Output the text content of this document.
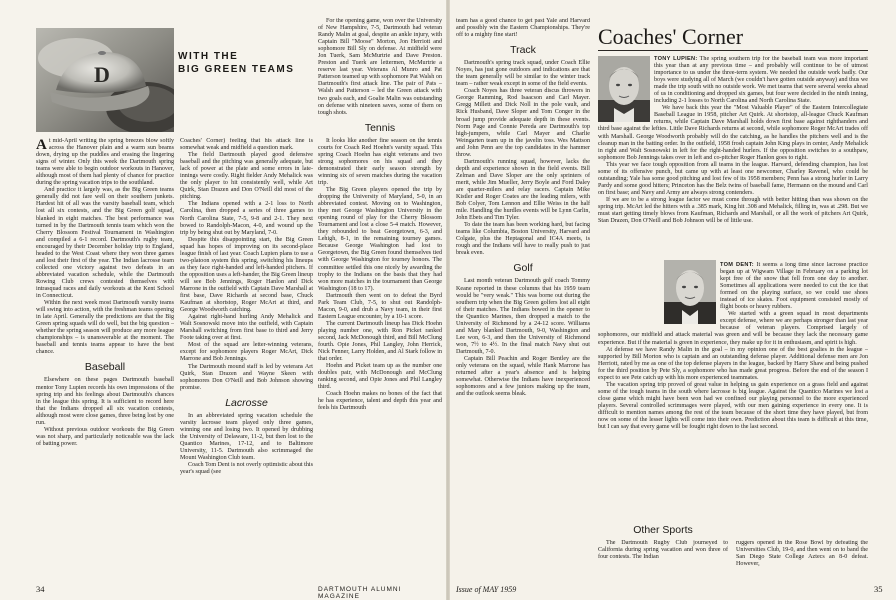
D
WITH THE
BIG GREEN TEAMS

At mid-April writing the spring breezes blow softly across the Hanover plain and a warm sun beams down, drying up the puddles and erasing the lingering signs of winter. Only this week the Dartmouth spring teams were able to begin outdoor workouts in Hanover, although most of them had plenty of chance for practice during the spring vacation trips to the southland.

And practice it largely was, as the Big Green teams generally did not fare well on their southern junkets. Hardest hit of all was the varsity baseball team, which lost all six contests, and the Big Green golf squad, blanked in eight matches. The best performance was turned in by the Dartmouth tennis team which won the Cherry Blossom Festival Tournament in Washington and compiled a 6-1 record. Dartmouth's rugby team, encouraged by their December holiday trip to England, headed to the West Coast where they won three games and lost their first of the year. The Indian lacrosse team collected one victory against two defeats in an abbreviated vacation schedule, while the Dartmouth Rowing Club crews contested themselves with intrasquad races and daily workouts at the Kent School in Connecticut.

Within the next week most Dartmouth varsity teams will swing into action, with the freshman teams opening in late April. Generally the predictions are that the Big Green spring squads will do well, but the big question – whether the spring season will produce any more league championships – is unanswerable at the moment. The baseball and tennis teams appear to have the best chance.

Baseball

Elsewhere on these pages Dartmouth baseball mentor Tony Lupien records his own impressions of the spring trip and his feelings about Dartmouth's chances in the league this spring. It is sufficient to record here that the Indians dropped all six vacation contests, although most were close games, three being lost by one run.

Without previous outdoor workouts the Big Green was not sharp, and particularly noticeable was the lack of batting power.

Coaches' Corner) feeling that his attack line is somewhat weak and midfield a question mark.

The field Dartmouth played good defensive baseball and the pitching was generally adequate, but lack of power at the plate and some errors in late-innings were costly. Right fielder Andy Mehalick was the only player to hit consistently well, while Art Quirk, Stan Drazen and Don O'Neill did most of the pitching.

The Indians opened with a 2-1 loss to North Carolina, then dropped a series of three games to North Carolina State, 7-5, 9-8 and 2-1. They next bowed to Randolph-Macon, 4-0, and wound up the trip by being shut out by Maryland, 7-0.

Despite this disappointing start, the Big Green squad has hopes of improving on its second-place league finish of last year. Coach Lupien plans to use a two-platoon system this spring, switching his lineups as they face right-handed and left-handed pitchers. If the opposition uses a left-hander, the Big Green lineup will see Bob Jennings, Roger Hanlon and Dick Marrone in the outfield with Captain Dave Marshall at first base, Dave Richards at second base, Chuck Kaufman at shortstop, Roger McArt at third, and George Woodworth catching.

Against right-hand hurling Andy Mehalick and Walt Sosnowski move into the outfield, with Captain Marshall switching from first base to third and Jerry Foote taking over at first.

Most of the squad are letter-winning veterans, except for sophomore players Roger McArt, Dick Marrone and Bob Jennings.

The Dartmouth mound staff is led by veterans Art Quirk, Stan Drazen and Wayne Skeen with sophomores Don O'Neill and Bob Johnson showing promise.

Lacrosse

In an abbreviated spring vacation schedule the varsity lacrosse team played only three games, winning one and losing two. It opened by drubbing the University of Delaware, 11-2, but then lost to the Quantico Marines, 17-12, and to Baltimore University, 11-5. Dartmouth also scrimmaged the Mount Washington Club team.

Coach Tom Dent is not overly optimistic about this year's squad (see

For the opening game, won over the University of New Hampshire, 7-5, Dartmouth had veteran Randy Malin at goal, despite an ankle injury, with Captain Bill "Moose" Morton, Jon Herriott and sophomore Bill Sly on defense. At midfield were Jon Tuerk, Sam McMurtrie and Dave Preston. Preston and Tuerk are lettermen, McMurtrie a reserve last year. Veterans Al Munro and Pat Patterson teamed up with sophomore Pat Walsh on Dartmouth's first attack line. The pair of Pats – Walsh and Patterson – led the Green attack with two goals each, and Goalie Malin was outstanding on defense with nineteen saves, some of them on tough shots.

Tennis

It looks like another fine season on the tennis courts for Coach Red Hoehn's varsity squad. This spring Coach Hoehn has eight veterans and two strong sophomores on his squad and they demonstrated their early season strength by winning six of seven matches during the vacation trip.

The Big Green players opened the trip by dropping the University of Maryland, 5-0, in an abbreviated contest. Moving on to Washington, they met George Washington University in the opening round of play for the Cherry Blossom Tournament and lost a close 5-4 match. However, they rebounded to beat Georgetown, 6-3, and Lehigh, 8-1, in the remaining tourney games. Because George Washington had lost to Georgetown, the Big Green found themselves tied with George Washington for tourney honors. The committee settled this one nicely by awarding the trophy to the Indians on the basis that they had won more matches in the tournament than George Washington (18 to 17).

Dartmouth then went on to defeat the Byrd Park Team Club, 7-5, to shut out Randolph-Macon, 9-0, and drub a Navy team, in their first Eastern League encounter, by a 10-1 score.

The current Dartmouth lineup has Dick Hoehn playing number one, with Ron Picket ranked second, Jack McDonough third, and Bill McClung fourth. Opie Jones, Phil Langley, John Herrick, Nick Fenner, Larry Holden, and Al Stark follow in that order.

Hoehn and Picket team up as the number one doubles pair, with McDonough and McClung ranking second, and Opie Jones and Phil Langley third.

Coach Hoehn makes no bones of the fact that he has experience, talent and depth this year and feels his Dartmouth

34	DARTMOUTH ALUMNI MAGAZINE

team has a good chance to get past Yale and Harvard and possibly win the Eastern Championships. They're off to a mighty fine start!

Track

Dartmouth's spring track squad, under Coach Ellie Noyes, has just gone outdoors and indications are that the team generally will be similar to the winter track team – rather weak except in some of the field events.

Coach Noyes has three veteran discus throwers in George Ramming, Rod Isaacson and Carl Mayer. Gregg Millett and Dick Noll in the pole vault, and Rick Husband, Dave Sloper and Tom Conger in the broad jump provide adequate depth in these events. Norm Page and Connie Pereda are Dartmouth's top high-jumpers, while Carl Mayer and Charlie Weingarten team up in the javelin toss. Wes Mattson and John Penn are the top candidates in the hammer throw.

Dartmouth's running squad, however, lacks the depth and experience shown in the field events. Bill Zelman and Dave Sloper are the only sprinters of merit, while Jim Mueller, Jerry Boyle and Ford Daley are quarter-milers and relay racers. Captain Mike Kistler and Roger Coates are the leading milers, with Bob Colyer, Tom Lennon and Ellie Weiss in the half mile. Handling the hurdles events will be Lynn Carlin, John Ebets and Tim Tyler.

To date the team has been working hard, but facing teams like Columbia, Boston University, Harvard and Colgate, plus the Heptagonal and IC4A meets, is rough and the Indians will have to really push to just break even.

Golf

Last month veteran Dartmouth golf coach Tommy Keane reported in these columns that his 1959 team would be "very weak." This was borne out during the southern trip when the Big Green golfers lost all eight of their matches. The Indians bowed in the opener to the Quantico Marines, then dropped a match to the University of Richmond by a 24-12 score. Williams and Mary blanked Dartmouth, 9-0, Washington and Lee won, 6-3, and then the University of Richmond won, 7½ to 4½. In the final match Navy shut out Dartmouth, 7-0.

Captain Bill Peachin and Roger Bentley are the only veterans on the squad, while Hank Marrone has returned after a year's absence and is helping somewhat. Otherwise the Indians have inexperienced sophomores and a few juniors making up the team, and the outlook seems bleak.

Coaches' Corner

TONY LUPIEN: The spring southern trip for the baseball team was more important this year than at any previous time – and probably will continue to be of utmost importance to us under the three-term system. We needed the outside work badly. Our boys were studying all of March (we couldn't have gotten outside anyway) and thus we made the trip south with no outside work. We met teams that were several weeks ahead of us in conditioning and dropped six games, but four were decided in the ninth inning, including 2-1 losses to North Carolina and North Carolina State.

We have back this year the "Most Valuable Player" of the Eastern Intercollegiate Baseball League in 1958, pitcher Art Quirk. At shortstop, all-league Chuck Kaufman returns, while Captain Dave Marshall holds down first base against righthanders and third base against the lefties. Little Dave Richards returns at second, while sophomore Roger McArt trades off with Marshall. George Woodworth probably will do the catching, as he handles the pitchers well and is the cleanup man in the batting order. In the outfield, 1958 frosh captain John King plays in center, Andy Mehalick in right and Walt Sosnowski in left for the right-handed hurlers. If the opposition switches to a southpaw, sophomore Bob Jennings takes over in left and co-pitcher Roger Hanlon goes to right.

This year we face tough opposition from all teams in the league. Harvard, defending champion, has lost some of its offensive punch, but came up with at least one newcomer, Charley Ravenel, who could be outstanding; Yale has some good pitching and lost few of its 1958 members; Penn has a strong hurler in Larry Pardy and some good hitters; Princeton has the Belz twins of baseball fame, Hermann on the mound and Carl on first base; and Navy and Army are always strong contenders.

If we are to be a strong league factor we must come through with better hitting than was shown on the spring trip. McArt led the hitters with a .385 mark, King hit .308 and Mehalick, filling in, was at .298. But we must start getting timely blows from Kaufman, Richards and Marshall, or all the work of pitchers Art Quirk, Stan Drazen, Don O'Neill and Bob Johnson will be of little use.

TOM DENT: It seems a long time since lacrosse practice began up at Wigwam Village in February on a parking lot kept free of the snow that fell from one day to another. Sometimes all applications were needed to cut the ice that formed on the playing surface, so we could use shoes instead of ice skates. Foot equipment consisted mostly of flight boots or heavy rubbers.

We started with a green squad in most departments except defense, where we are perhaps stronger than last year because of veteran players. Comprised largely of sophomores, our midfield and attack material was green and will be because they lack the necessary game experience. But if the material is green in experience, they make up for it in enthusiasm, and spirit is high.

At defense we have Randy Malin in the goal – in my opinion one of the best goalies in the league – supported by Bill Morton who is captain and an outstanding defense player. Additional defense men are Jon Herriott, rated by me as one of the top defense players in the league, backed by Harry Shaw and being pushed for the third position by Pete Sly, a sophomore who has made great progress. Before the end of the season I expect to see Pete catch up with his more experienced teammates.

The vacation spring trip proved of great value in helping us gain experience on a grass field and against some of the tough teams in the south where lacrosse is big league. Against the Quantico Marines we lost a close game which might have been won had we confined our playing personnel to the more experienced players. Several controlled scrimmages were played, with our men gaining experience in every one. It is difficult to mention names among the rest of the team because of the short time they have played, but from now on some of the lesser lights will come into their own. Prediction about this team is difficult at this time, but I can say that every game will be fought right down to the last second.

Other Sports

The Dartmouth Rugby Club journeyed to California during spring vacation and won three of four contests. The Indian

ruggers opened in the Rose Bowl by defeating the Universities Club, 19-0, and then went on to band the San Diego State College Aztecs an 8-0 defeat. However,

Issue of MAY 1959	35
